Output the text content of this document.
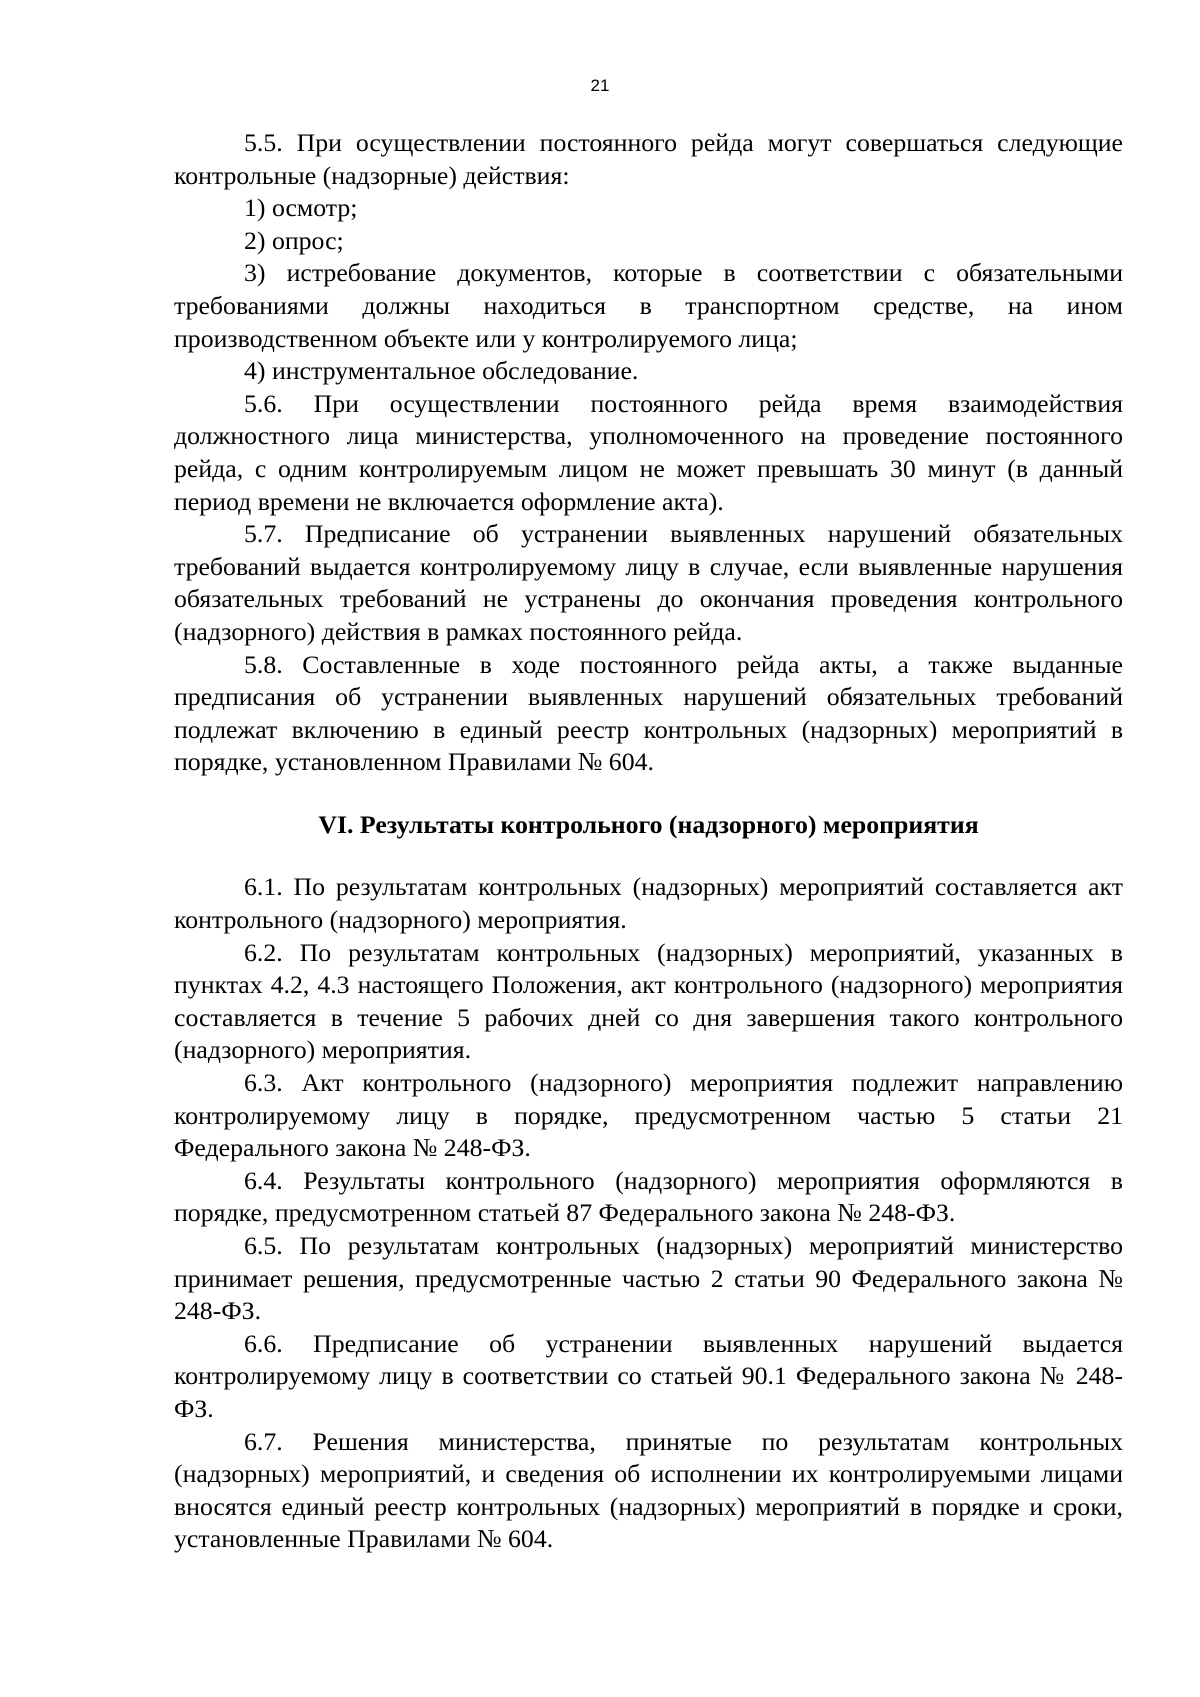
21

5.5. При осуществлении постоянного рейда могут совершаться следующие контрольные (надзорные) действия:

1) осмотр;

2) опрос;

3) истребование документов, которые в соответствии с обязательными требованиями должны находиться в транспортном средстве, на ином производственном объекте или у контролируемого лица;

4) инструментальное обследование.

5.6. При осуществлении постоянного рейда время взаимодействия должностного лица министерства, уполномоченного на проведение постоянного рейда, с одним контролируемым лицом не может превышать 30 минут (в данный период времени не включается оформление акта).

5.7. Предписание об устранении выявленных нарушений обязательных требований выдается контролируемому лицу в случае, если выявленные нарушения обязательных требований не устранены до окончания проведения контрольного (надзорного) действия в рамках постоянного рейда.

5.8. Составленные в ходе постоянного рейда акты, а также выданные предписания об устранении выявленных нарушений обязательных требований подлежат включению в единый реестр контрольных (надзорных) мероприятий в порядке, установленном Правилами № 604.

VI. Результаты контрольного (надзорного) мероприятия

6.1. По результатам контрольных (надзорных) мероприятий составляется акт контрольного (надзорного) мероприятия.

6.2. По результатам контрольных (надзорных) мероприятий, указанных в пунктах 4.2, 4.3 настоящего Положения, акт контрольного (надзорного) мероприятия составляется в течение 5 рабочих дней со дня завершения такого контрольного (надзорного) мероприятия.

6.3. Акт контрольного (надзорного) мероприятия подлежит направлению контролируемому лицу в порядке, предусмотренном частью 5 статьи 21 Федерального закона № 248-ФЗ.

6.4. Результаты контрольного (надзорного) мероприятия оформляются в порядке, предусмотренном статьей 87 Федерального закона № 248-ФЗ.

6.5. По результатам контрольных (надзорных) мероприятий министерство принимает решения, предусмотренные частью 2 статьи 90 Федерального закона № 248-ФЗ.

6.6. Предписание об устранении выявленных нарушений выдается контролируемому лицу в соответствии со статьей 90.1 Федерального закона № 248-ФЗ.

6.7. Решения министерства, принятые по результатам контрольных (надзорных) мероприятий, и сведения об исполнении их контролируемыми лицами вносятся единый реестр контрольных (надзорных) мероприятий в порядке и сроки, установленные Правилами № 604.
